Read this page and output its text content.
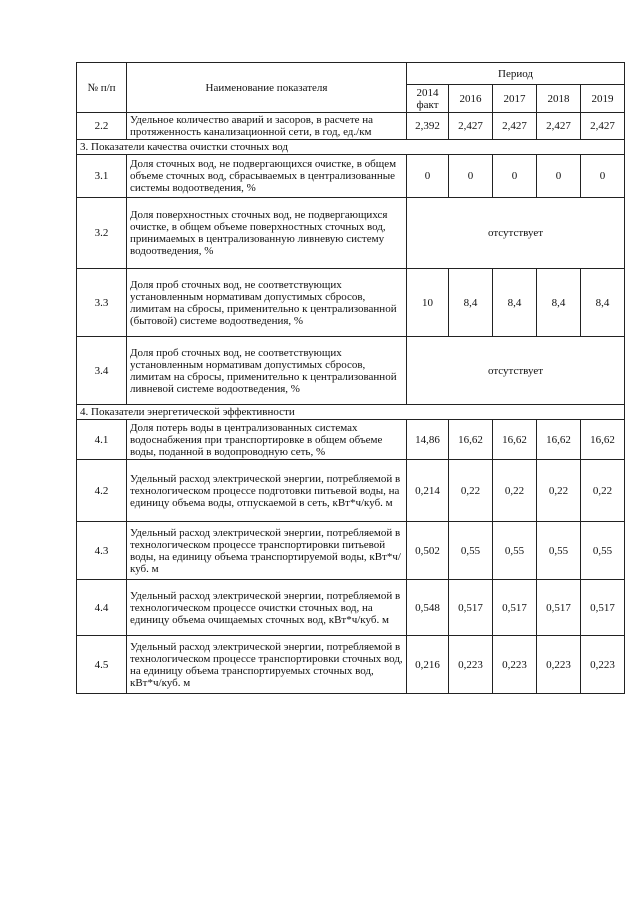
№ п/п	Наименование показателя	Период				
		2014 факт	2016	2017	2018	2019
2.2	Удельное количество аварий и засоров, в расчете на протяженность канализационной сети, в год, ед./км	2,392	2,427	2,427	2,427	2,427
3. Показатели качества очистки сточных вод						
3.1	Доля сточных вод, не подвергающихся очистке, в общем объеме сточных вод, сбрасываемых в централизованные системы водоотведения, %	0	0	0	0	0
3.2	Доля поверхностных сточных вод, не подвергающихся очистке, в общем объеме поверхностных сточных вод, принимаемых в централизованную ливневую систему водоотведения, %	отсутствует				
3.3	Доля проб сточных вод, не соответствующих установленным нормативам допустимых сбросов, лимитам на сбросы, применительно к централизованной (бытовой) системе водоотведения, %	10	8,4	8,4	8,4	8,4
3.4	Доля проб сточных вод, не соответствующих установленным нормативам допустимых сбросов, лимитам на сбросы, применительно к централизованной ливневой системе водоотведения, %	отсутствует				
4. Показатели энергетической эффективности						
4.1	Доля потерь воды в централизованных системах водоснабжения при транспортировке в общем объеме воды, поданной в водопроводную сеть, %	14,86	16,62	16,62	16,62	16,62
4.2	Удельный расход электрической энергии, потребляемой в технологическом процессе подготовки питьевой воды, на единицу объема воды, отпускаемой в сеть, кВт*ч/куб. м	0,214	0,22	0,22	0,22	0,22
4.3	Удельный расход электрической энергии, потребляемой в технологическом процессе транспортировки питьевой воды, на единицу объема транспортируемой воды, кВт*ч/куб. м	0,502	0,55	0,55	0,55	0,55
4.4	Удельный расход электрической энергии, потребляемой в технологическом процессе очистки сточных вод, на единицу объема очищаемых сточных вод, кВт*ч/куб. м	0,548	0,517	0,517	0,517	0,517
4.5	Удельный расход электрической энергии, потребляемой в технологическом процессе транспортировки сточных вод, на единицу объема транспортируемых сточных вод, кВт*ч/куб. м	0,216	0,223	0,223	0,223	0,223
